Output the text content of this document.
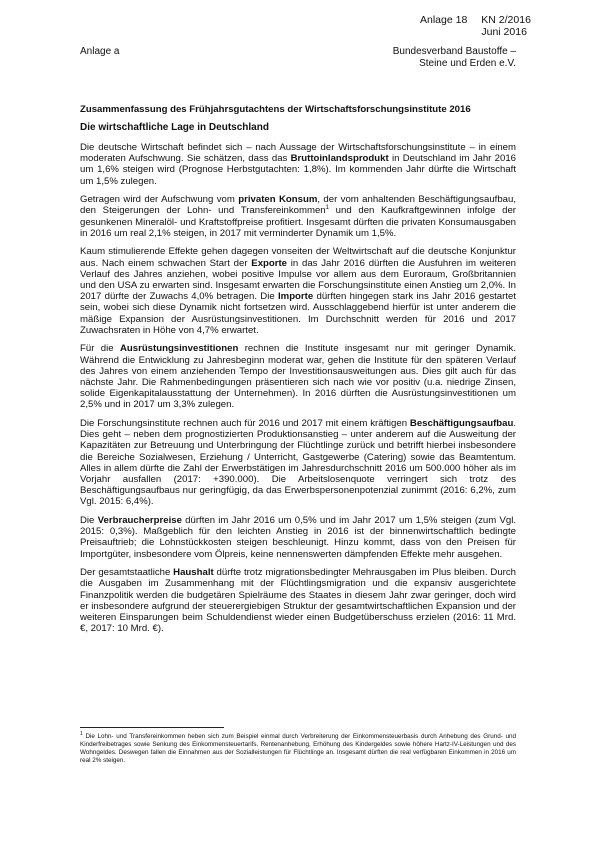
Anlage 18 KN 2/2016
Juni 2016
Anlage a	Bundesverband Baustoffe –
Steine und Erden e.V.
Zusammenfassung des Frühjahrsgutachtens der Wirtschaftsforschungsinstitute 2016
Die wirtschaftliche Lage in Deutschland
Die deutsche Wirtschaft befindet sich – nach Aussage der Wirtschaftsforschungsinstitute – in einem moderaten Aufschwung. Sie schätzen, dass das Bruttoinlandsprodukt in Deutschland im Jahr 2016 um 1,6% steigen wird (Prognose Herbstgutachten: 1,8%). Im kommenden Jahr dürfte die Wirtschaft um 1,5% zulegen.
Getragen wird der Aufschwung vom privaten Konsum, der vom anhaltenden Beschäftigungsaufbau, den Steigerungen der Lohn- und Transfereinkommen$^1$ und den Kaufkraftgewinnen infolge der gesunkenen Mineralöl- und Kraftstoffpreise profitiert. Insgesamt dürften die privaten Konsumausgaben in 2016 um real 2,1% steigen, in 2017 mit verminderter Dynamik um 1,5%.
Kaum stimulierende Effekte gehen dagegen vonseiten der Weltwirtschaft auf die deutsche Konjunktur aus. Nach einem schwachen Start der Exporte in das Jahr 2016 dürften die Ausfuhren im weiteren Verlauf des Jahres anziehen, wobei positive Impulse vor allem aus dem Euroraum, Großbritannien und den USA zu erwarten sind. Insgesamt erwarten die Forschungsinstitute einen Anstieg um 2,0%. In 2017 dürfte der Zuwachs 4,0% betragen. Die Importe dürften hingegen stark ins Jahr 2016 gestartet sein, wobei sich diese Dynamik nicht fortsetzen wird. Ausschlaggebend hierfür ist unter anderem die mäßige Expansion der Ausrüstungsinvestitionen. Im Durchschnitt werden für 2016 und 2017 Zuwachsraten in Höhe von 4,7% erwartet.
Für die Ausrüstungsinvestitionen rechnen die Institute insgesamt nur mit geringer Dynamik. Während die Entwicklung zu Jahresbeginn moderat war, gehen die Institute für den späteren Verlauf des Jahres von einem anziehenden Tempo der Investitionsausweitungen aus. Dies gilt auch für das nächste Jahr. Die Rahmenbedingungen präsentieren sich nach wie vor positiv (u.a. niedrige Zinsen, solide Eigenkapitalausstattung der Unternehmen). In 2016 dürften die Ausrüstungsinvestitionen um 2,5% und in 2017 um 3,3% zulegen.
Die Forschungsinstitute rechnen auch für 2016 und 2017 mit einem kräftigen Beschäftigungsaufbau. Dies geht – neben dem prognostizierten Produktionsanstieg – unter anderem auf die Ausweitung der Kapazitäten zur Betreuung und Unterbringung der Flüchtlinge zurück und betrifft hierbei insbesondere die Bereiche Sozialwesen, Erziehung / Unterricht, Gastgewerbe (Catering) sowie das Beamtentum. Alles in allem dürfte die Zahl der Erwerbstätigen im Jahresdurchschnitt 2016 um 500.000 höher als im Vorjahr ausfallen (2017: +390.000). Die Arbeitslosenquote verringert sich trotz des Beschäftigungsaufbaus nur geringfügig, da das Erwerbspersonenpotenzial zunimmt (2016: 6,2%, zum Vgl. 2015: 6,4%).
Die Verbraucherpreise dürften im Jahr 2016 um 0,5% und im Jahr 2017 um 1,5% steigen (zum Vgl. 2015: 0,3%). Maßgeblich für den leichten Anstieg in 2016 ist der binnenwirtschaftlich bedingte Preisauftrieb; die Lohnstückkosten steigen beschleunigt. Hinzu kommt, dass von den Preisen für Importgüter, insbesondere vom Ölpreis, keine nennenswerten dämpfenden Effekte mehr ausgehen.
Der gesamtstaatliche Haushalt dürfte trotz migrationsbedingter Mehrausgaben im Plus bleiben. Durch die Ausgaben im Zusammenhang mit der Flüchtlingsmigration und die expansiv ausgerichtete Finanzpolitik werden die budgetären Spielräume des Staates in diesem Jahr zwar geringer, doch wird er insbesondere aufgrund der steuerergiebigen Struktur der gesamtwirtschaftlichen Expansion und der weiteren Einsparungen beim Schuldendienst wieder einen Budgetüberschuss erzielen (2016: 11 Mrd. €, 2017: 10 Mrd. €).
$^1$ Die Lohn- und Transfereinkommen heben sich zum Beispiel einmal durch Verbreiterung der Einkommensteuerbasis durch Anhebung des Grund- und Kinderfreibetrages sowie Senkung des Einkommensteuertarifs. Rentenanhebung, Erhöhung des Kindergeldes sowie höhere Hartz-IV-Leistungen und des Wohngeldes. Deswegen fallen die Einnahmen aus der Sozialleistungen für Flüchtlinge an. Insgesamt dürften die real verfügbaren Einkommen in 2016 um real 2% steigen.
